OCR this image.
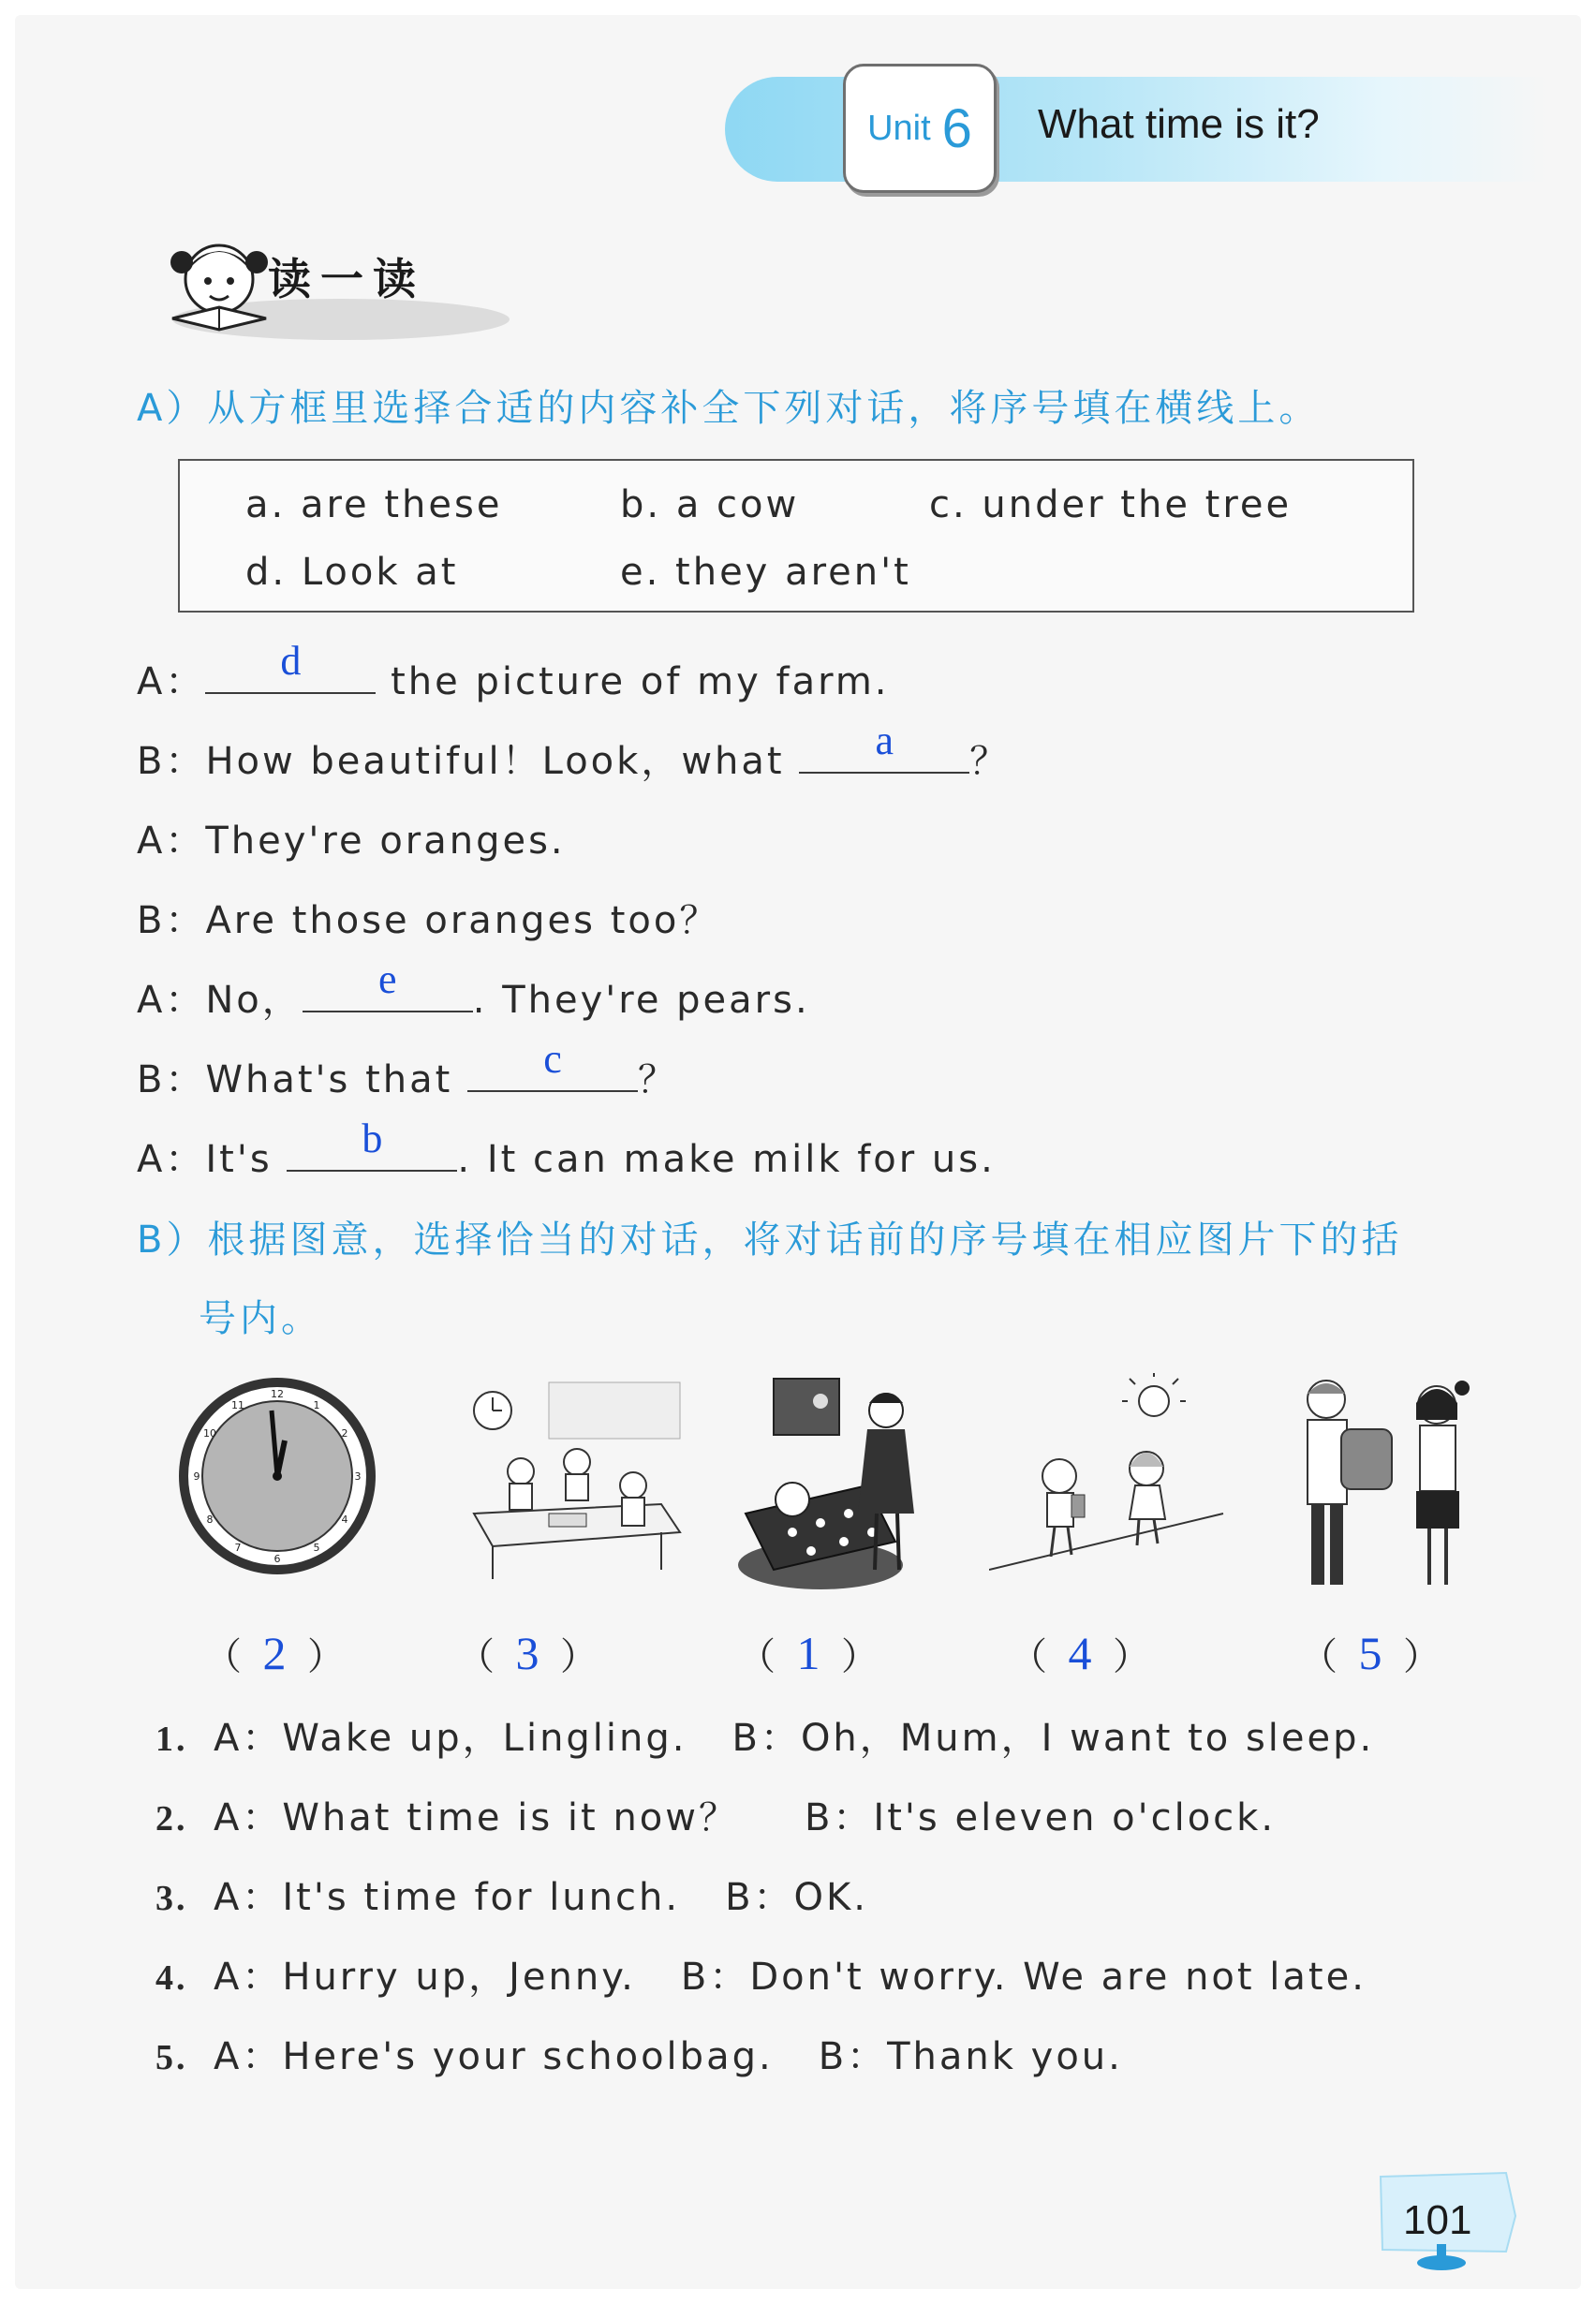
Unit 6 What time is it?
读一读
A）从方框里选择合适的内容补全下列对话，将序号填在横线上。
a. are these	b. a cow	c. under the tree
d. Look at	e. they aren't
A：	d	the picture of my farm.
B：How beautiful！Look，what	a	？
A：They're oranges.
B：Are those oranges too？
A：No，	e	. They're pears.
B：What's that	c	？
A：It's	b	. It can make milk for us.
B）根据图意，选择恰当的对话，将对话前的序号填在相应图片下的括
号内。
12
3
6
9
1
2
4
5
7
8
10
11
（ 2 ）	（ 3 ）	（ 1 ）	（ 4 ）	（ 5 ）
1. A：Wake up，Lingling. B：Oh，Mum，I want to sleep.
2. A：What time is it now？ B：It's eleven o'clock.
3. A：It's time for lunch. B：OK.
4. A：Hurry up，Jenny. B：Don't worry. We are not late.
5. A：Here's your schoolbag. B：Thank you.
101
